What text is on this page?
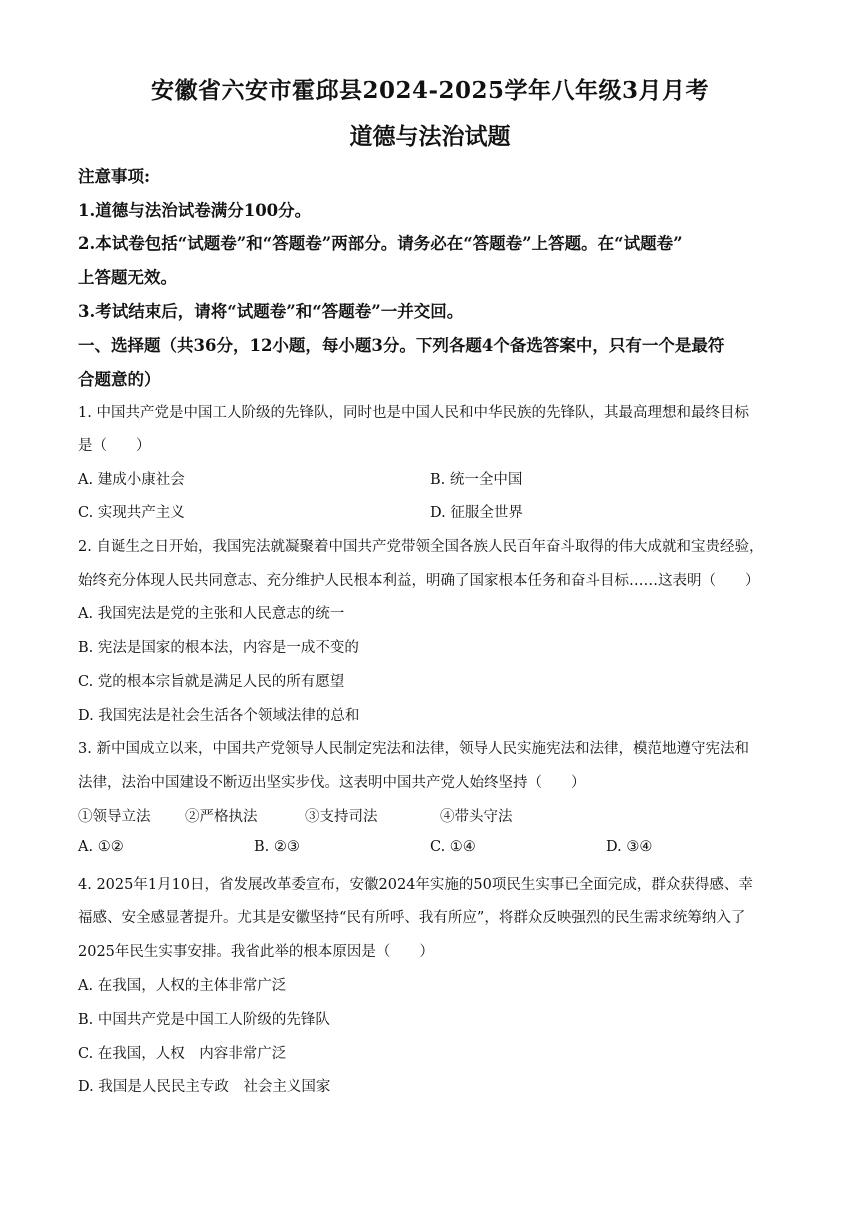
安徽省六安市霍邱县2024-2025学年八年级3月月考
道德与法治试题
注意事项:
1.道德与法治试卷满分100分。
2.本试卷包括“试题卷”和“答题卷”两部分。请务必在“答题卷”上答题。在“试题卷”
上答题无效。
3.考试结束后，请将“试题卷”和“答题卷”一并交回。
一、选择题（共36分，12小题，每小题3分。下列各题4个备选答案中，只有一个是最符
合题意的）
1. 中国共产党是中国工人阶级的先锋队，同时也是中国人民和中华民族的先锋队，其最高理想和最终目标
是（　　）
A. 建成小康社会	B. 统一全中国
C. 实现共产主义	D. 征服全世界
2. 自诞生之日开始，我国宪法就凝聚着中国共产党带领全国各族人民百年奋斗取得的伟大成就和宝贵经验，
始终充分体现人民共同意志、充分维护人民根本利益，明确了国家根本任务和奋斗目标……这表明（　　）
A. 我国宪法是党的主张和人民意志的统一
B. 宪法是国家的根本法，内容是一成不变的
C. 党的根本宗旨就是满足人民的所有愿望
D. 我国宪法是社会生活各个领域法律的总和
3. 新中国成立以来，中国共产党领导人民制定宪法和法律，领导人民实施宪法和法律，模范地遵守宪法和
法律，法治中国建设不断迈出坚实步伐。这表明中国共产党人始终坚持（　　）
①领导立法 ②严格执法	③支持司法	④带头守法
A. ①②	B. ②③	C. ①④	D. ③④
4. 2025年1月10日，省发展改革委宣布，安徽2024年实施的50项民生实事已全面完成，群众获得感、幸
福感、安全感显著提升。尤其是安徽坚持“民有所呼、我有所应”，将群众反映强烈的民生需求统筹纳入了
2025年民生实事安排。我省此举的根本原因是（　　）
A. 在我国，人权的主体非常广泛
B. 中国共产党是中国工人阶级的先锋队
C. 在我国，人权　内容非常广泛
D. 我国是人民民主专政　社会主义国家
